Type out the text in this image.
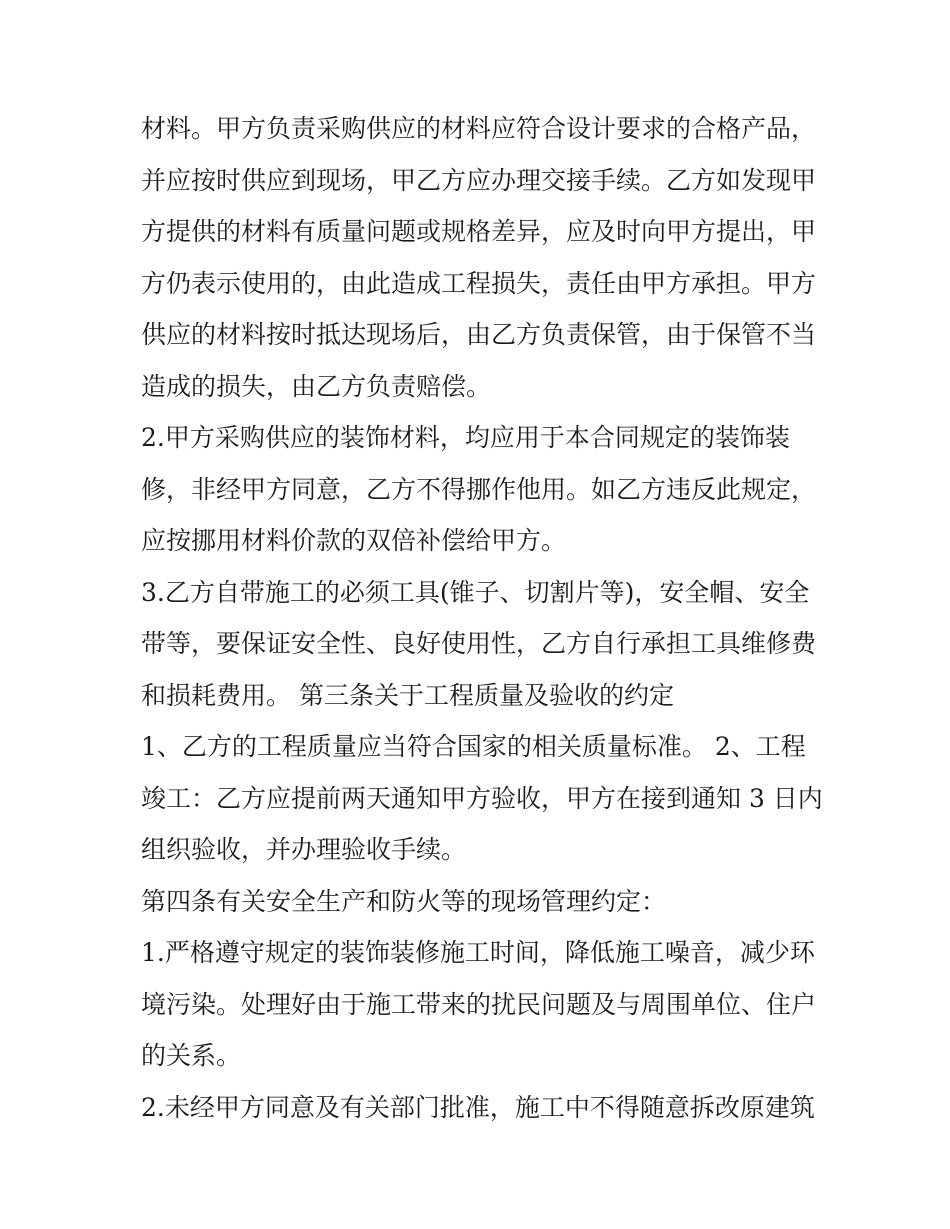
材料。甲方负责采购供应的材料应符合设计要求的合格产品，
并应按时供应到现场，甲乙方应办理交接手续。乙方如发现甲
方提供的材料有质量问题或规格差异，应及时向甲方提出，甲
方仍表示使用的，由此造成工程损失，责任由甲方承担。甲方
供应的材料按时抵达现场后，由乙方负责保管，由于保管不当
造成的损失，由乙方负责赔偿。
2.甲方采购供应的装饰材料，均应用于本合同规定的装饰装
修，非经甲方同意，乙方不得挪作他用。如乙方违反此规定，
应按挪用材料价款的双倍补偿给甲方。
3.乙方自带施工的必须工具(锥子、切割片等)，安全帽、安全
带等，要保证安全性、良好使用性，乙方自行承担工具维修费
和损耗费用。 第三条关于工程质量及验收的约定
1、乙方的工程质量应当符合国家的相关质量标准。 2、工程
竣工：乙方应提前两天通知甲方验收，甲方在接到通知 3 日内
组织验收，并办理验收手续。
第四条有关安全生产和防火等的现场管理约定：
1.严格遵守规定的装饰装修施工时间，降低施工噪音，减少环
境污染。处理好由于施工带来的扰民问题及与周围单位、住户
的关系。
2.未经甲方同意及有关部门批准，施工中不得随意拆改原建筑
